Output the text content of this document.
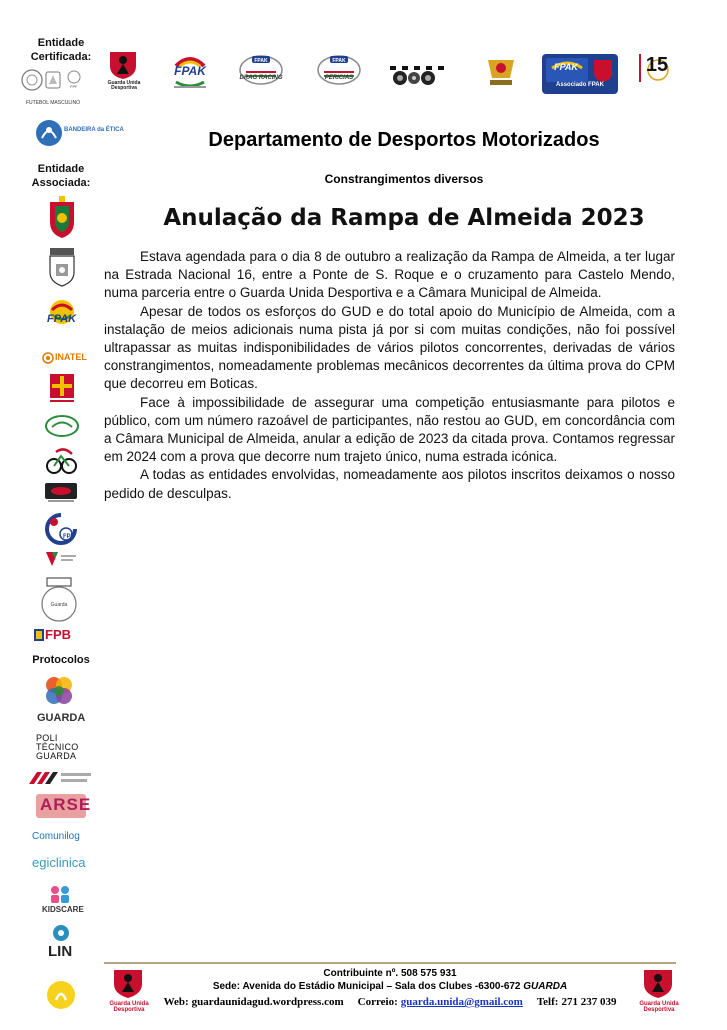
Entidade
Certificada:
FPF
FUTEBOL MASCULINO
BANDEIRA da ÉTICA
Entidade
Associada:
FPAK
INATEL
FPP
Guarda
FPB
Protocolos
GUARDA
POLI
TÉCNICO
GUARDA
ARSE
Comunilog
egiclinica
KIDSCARE
LIN
Guarda Unida
Desportiva
FPAK
FPAK
DRAG RACING
FPAK
PERICIAS
FPAK
Associado FPAK
15
Departamento de Desportos Motorizados
Constrangimentos diversos
Anulação da Rampa de Almeida 2023

Estava agendada para o dia 8 de outubro a realização da Rampa de Almeida, a ter lugar na Estrada Nacional 16, entre a Ponte de S. Roque e o cruzamento para Castelo Mendo, numa parceria entre o Guarda Unida Desportiva e a Câmara Municipal de Almeida.

Apesar de todos os esforços do GUD e do total apoio do Município de Almeida, com a instalação de meios adicionais numa pista já por si com muitas condições, não foi possível ultrapassar as muitas indisponibilidades de vários pilotos concorrentes, derivadas de vários constrangimentos, nomeadamente problemas mecânicos decorrentes da última prova do CPM que decorreu em Boticas.

Face à impossibilidade de assegurar uma competição entusiasmante para pilotos e público, com um número razoável de participantes, não restou ao GUD, em concordância com a Câmara Municipal de Almeida, anular a edição de 2023 da citada prova. Contamos regressar em 2024 com a prova que decorre num trajeto único, numa estrada icónica.

A todas as entidades envolvidas, nomeadamente aos pilotos inscritos deixamos o nosso pedido de desculpas.

Guarda Unida
Desportiva
Contribuinte nº. 508 575 931
Sede: Avenida do Estádio Municipal – Sala dos Clubes -6300-672 GUARDA
Web: guardaunidagud.wordpress.com Correio: guarda.unida@gmail.com Telf: 271 237 039	Guarda Unida
Desportiva
